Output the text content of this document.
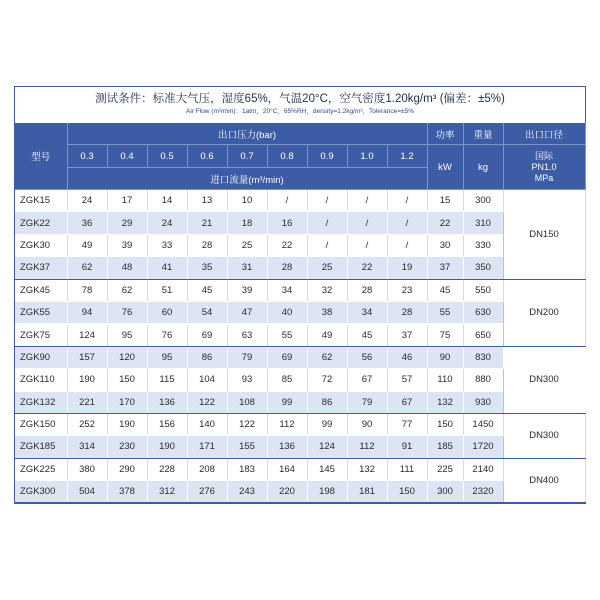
测试条件：标准大气压，湿度65%，气温20°C，空气密度1.20kg/m³ (偏差：±5%)
Air Flow (m³/min)：1atm，20°C，65%RH，density=1.2kg/m³，Tolerance=±5%
型号	出口压力(bar)									功率	重量	出口口径
	0.3	0.4	0.5	0.6	0.7	0.8	0.9	1.0	1.2	kW	kg	国际
PN1.0
MPa

	进口流量(m³/min)											
ZGK15	24	17	14	13	10	/	/	/	/	15	300	DN150
ZGK22	36	29	24	21	18	16	/	/	/	22	310	
ZGK30	49	39	33	28	25	22	/	/	/	30	330	
ZGK37	62	48	41	35	31	28	25	22	19	37	350	
ZGK45	78	62	51	45	39	34	32	28	23	45	550	DN200
ZGK55	94	76	60	54	47	40	38	34	28	55	630	
ZGK75	124	95	76	69	63	55	49	45	37	75	650	
ZGK90	157	120	95	86	79	69	62	56	46	90	830	DN300
ZGK110	190	150	115	104	93	85	72	67	57	110	880	
ZGK132	221	170	136	122	108	99	86	79	67	132	930	
ZGK150	252	190	156	140	122	112	99	90	77	150	1450	DN300
ZGK185	314	230	190	171	155	136	124	112	91	185	1720	
ZGK225	380	290	228	208	183	164	145	132	111	225	2140	DN400
ZGK300	504	378	312	276	243	220	198	181	150	300	2320	
